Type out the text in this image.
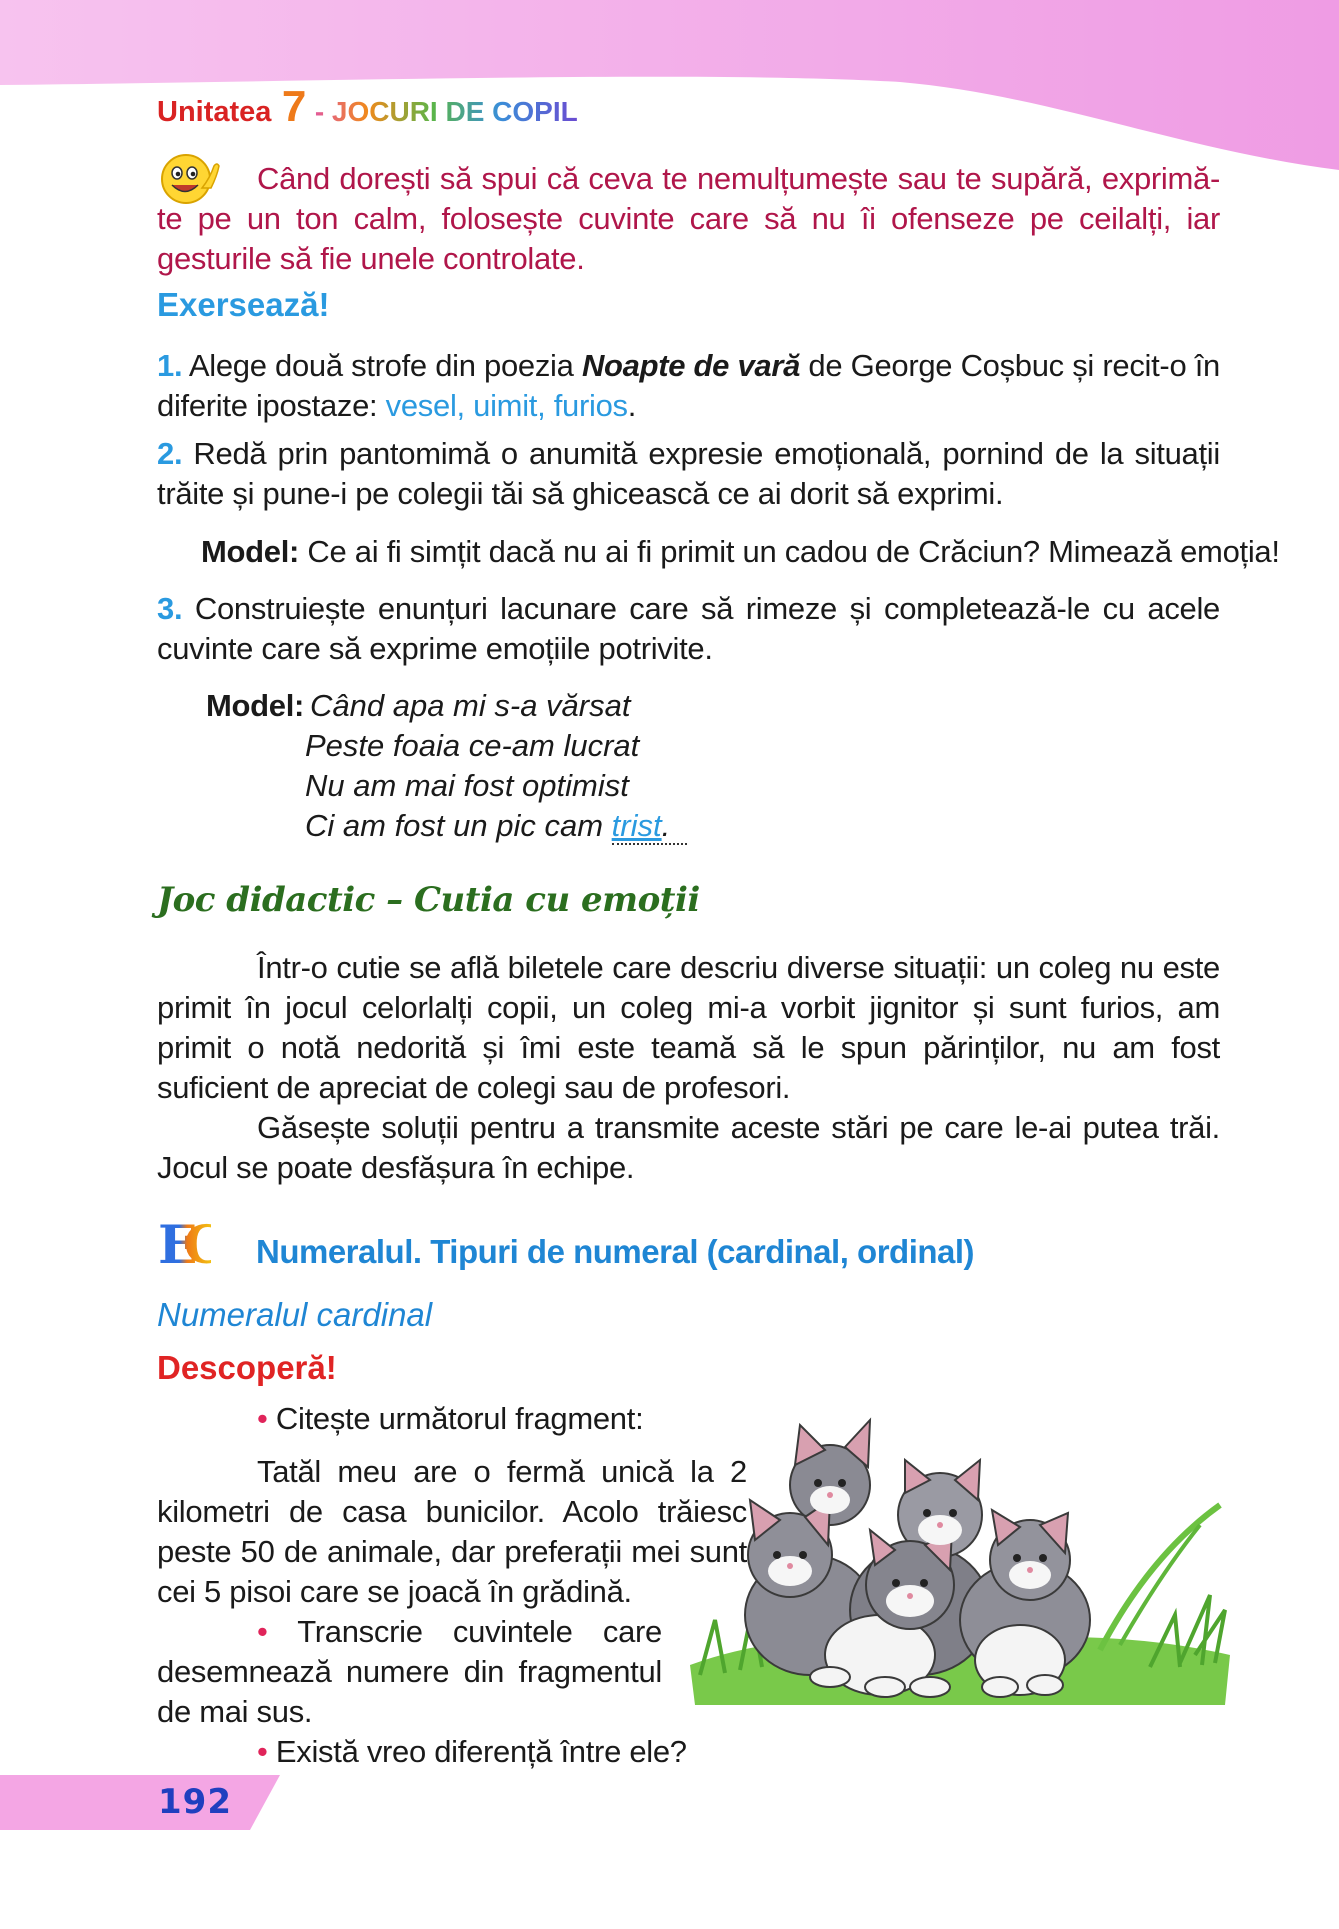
Unitatea 7 - JOCURI DE COPIL
Când dorești să spui că ceva te nemulțumește sau te supără, exprimă-te pe un ton calm, folosește cuvinte care să nu îi ofenseze pe ceilalți, iar gesturile să fie unele controlate.
Exersează!
1. Alege două strofe din poezia Noapte de vară de George Coșbuc și recit-o în diferite ipostaze: vesel, uimit, furios.
2. Redă prin pantomimă o anumită expresie emoțională, pornind de la situații trăite și pune-i pe colegii tăi să ghicească ce ai dorit să exprimi.
Model: Ce ai fi simțit dacă nu ai fi primit un cadou de Crăciun? Mimează emoția!
3. Construiește enunțuri lacunare care să rimeze și completează-le cu acele cuvinte care să exprime emoțiile potrivite.
Model: Când apa mi s-a vărsat
Peste foaia ce-am lucrat
Nu am mai fost optimist
Ci am fost un pic cam trist.
Joc didactic – Cutia cu emoții
Într-o cutie se află biletele care descriu diverse situații: un coleg nu este primit în jocul celorlalți copii, un coleg mi-a vorbit jignitor și sunt furios, am primit o notă nedorită și îmi este teamă să le spun părinților, nu am fost suficient de apreciat de colegi sau de profesori.
Găsește soluții pentru a transmite aceste stări pe care le-ai putea trăi. Jocul se poate desfășura în echipe.
EC Numeralul. Tipuri de numeral (cardinal, ordinal)
Numeralul cardinal
Descoperă!
• Citește următorul fragment:
Tatăl meu are o fermă unică la 2 kilometri de casa bunicilor. Acolo trăiesc peste 50 de animale, dar preferații mei sunt cei 5 pisoi care se joacă în grădină.
• Transcrie cuvintele care desemnează numere din fragmentul de mai sus.
• Există vreo diferență între ele?
192
